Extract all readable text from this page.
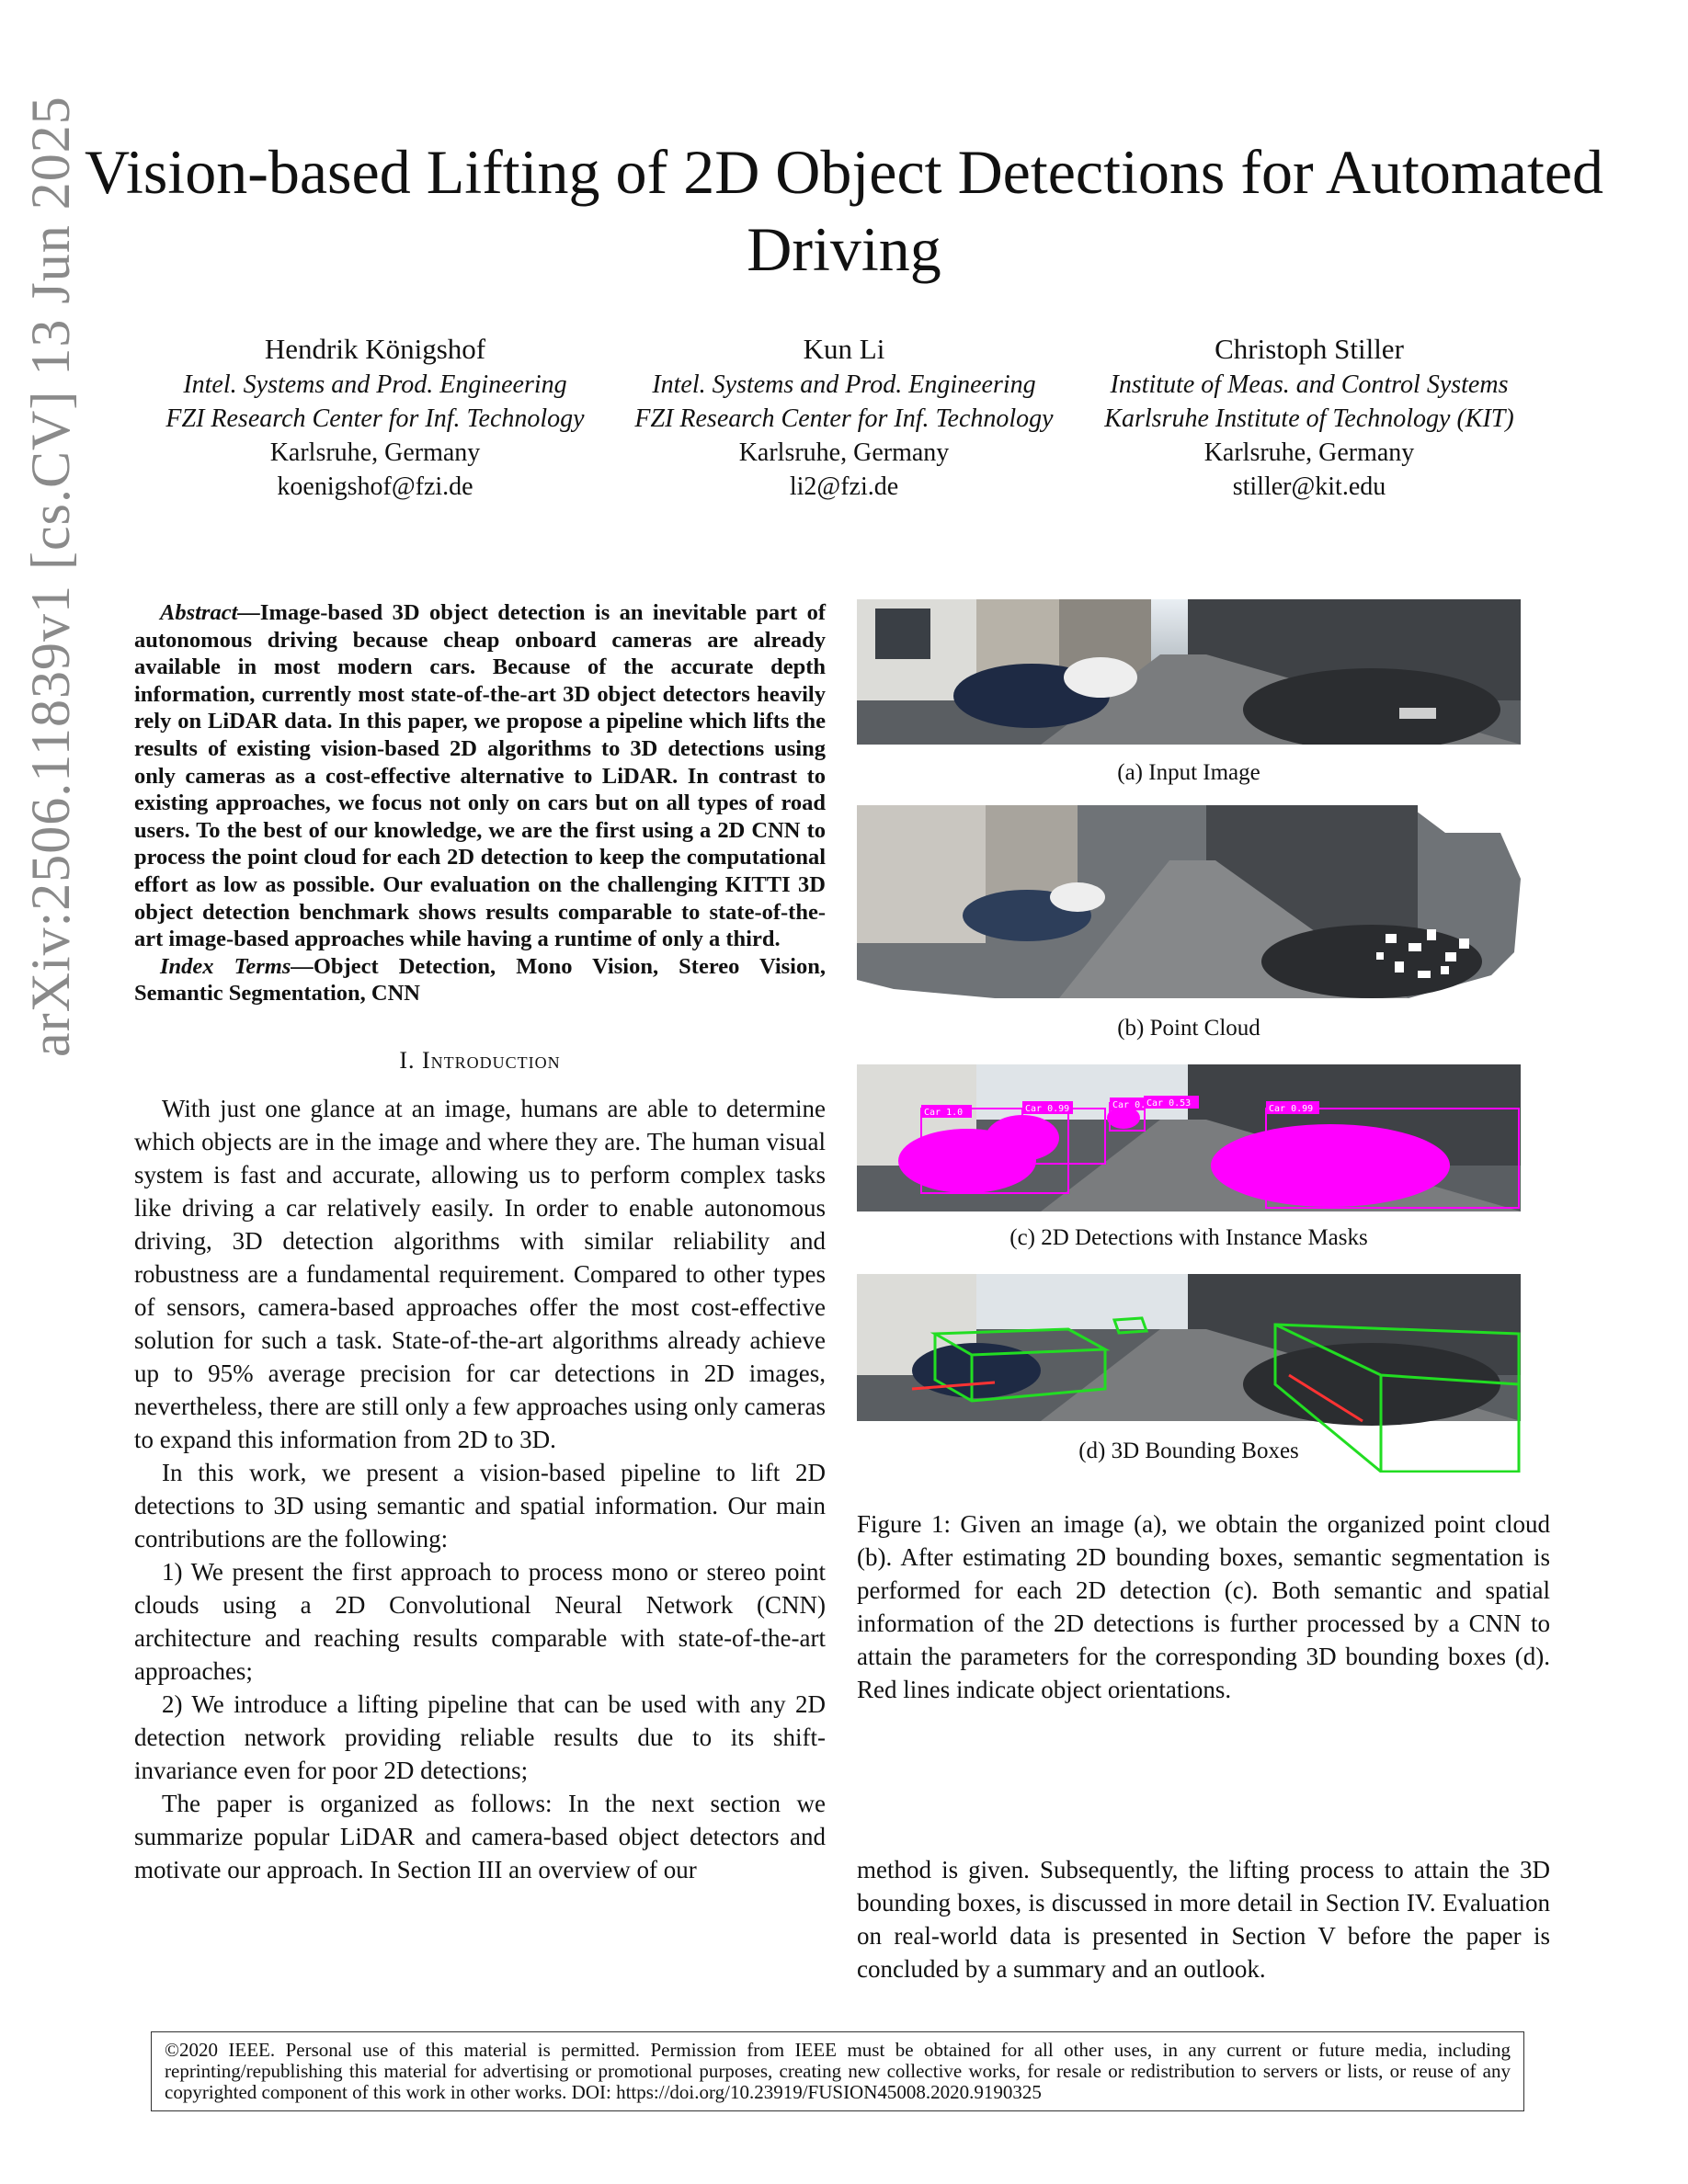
Vision-based Lifting of 2D Object Detections for Automated Driving
Hendrik Königshof
Intel. Systems and Prod. Engineering
FZI Research Center for Inf. Technology
Karlsruhe, Germany
koenigshof@fzi.de
Kun Li
Intel. Systems and Prod. Engineering
FZI Research Center for Inf. Technology
Karlsruhe, Germany
li2@fzi.de
Christoph Stiller
Institute of Meas. and Control Systems
Karlsruhe Institute of Technology (KIT)
Karlsruhe, Germany
stiller@kit.edu
arXiv:2506.11839v1 [cs.CV] 13 Jun 2025	Abstract—Image-based 3D object detection is an inevitable part of autonomous driving because cheap onboard cameras are already available in most modern cars. Because of the accurate depth information, currently most state-of-the-art 3D object detectors heavily rely on LiDAR data. In this paper, we propose a pipeline which lifts the results of existing vision-based 2D algorithms to 3D detections using only cameras as a cost-effective alternative to LiDAR. In contrast to existing approaches, we focus not only on cars but on all types of road users. To the best of our knowledge, we are the first using a 2D CNN to process the point cloud for each 2D detection to keep the computational effort as low as possible. Our evaluation on the challenging KITTI 3D object detection benchmark shows results comparable to state-of-the-art image-based approaches while having a runtime of only a third.

Index Terms—Object Detection, Mono Vision, Stereo Vision, Semantic Segmentation, CNN

I. Introduction

With just one glance at an image, humans are able to determine which objects are in the image and where they are. The human visual system is fast and accurate, allowing us to perform complex tasks like driving a car relatively easily. In order to enable autonomous driving, 3D detection algorithms with similar reliability and robustness are a fundamental requirement. Compared to other types of sensors, camera-based approaches offer the most cost-effective solution for such a task. State-of-the-art algorithms already achieve up to 95% average precision for car detections in 2D images, nevertheless, there are still only a few approaches using only cameras to expand this information from 2D to 3D.

In this work, we present a vision-based pipeline to lift 2D detections to 3D using semantic and spatial information. Our main contributions are the following:

1) We present the first approach to process mono or stereo point clouds using a 2D Convolutional Neural Network (CNN) architecture and reaching results comparable with state-of-the-art approaches;

2) We introduce a lifting pipeline that can be used with any 2D detection network providing reliable results due to its shift-invariance even for poor 2D detections;

The paper is organized as follows: In the next section we summarize popular LiDAR and camera-based object detectors and motivate our approach. In Section III an overview of our

(a) Input Image
(b) Point Cloud
Car 1.0	Car 0.99	Car 0. Car 0.53
Car 0.99
(c) 2D Detections with Instance Masks
(d) 3D Bounding Boxes
Figure 1: Given an image (a), we obtain the organized point cloud (b). After estimating 2D bounding boxes, semantic segmentation is performed for each 2D detection (c). Both semantic and spatial information of the 2D detections is further processed by a CNN to attain the parameters for the corresponding 3D bounding boxes (d). Red lines indicate object orientations.
method is given. Subsequently, the lifting process to attain the 3D bounding boxes, is discussed in more detail in Section IV. Evaluation on real-world data is presented in Section V before the paper is concluded by a summary and an outlook.
©2020 IEEE. Personal use of this material is permitted. Permission from IEEE must be obtained for all other uses, in any current or future media, including reprinting/republishing this material for advertising or promotional purposes, creating new collective works, for resale or redistribution to servers or lists, or reuse of any copyrighted component of this work in other works. DOI: https://doi.org/10.23919/FUSION45008.2020.9190325
